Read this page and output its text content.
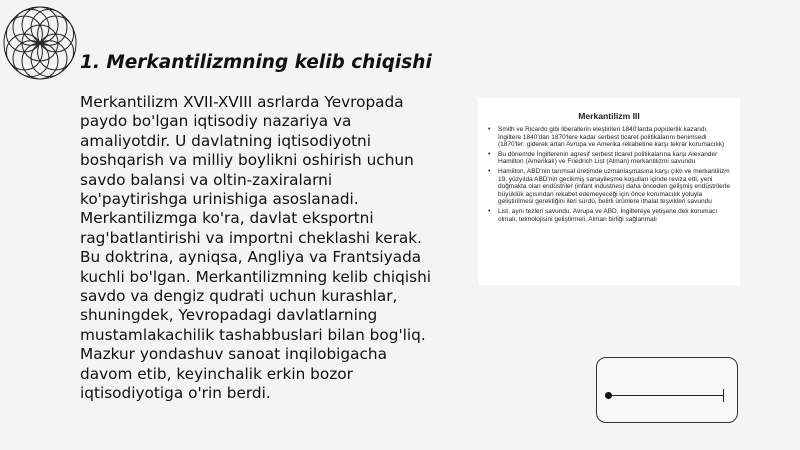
1. Merkantilizmning kelib chiqishi

Merkantilizm XVII-XVIII asrlarda Yevropada paydo bo'lgan iqtisodiy nazariya va amaliyotdir. U davlatning iqtisodiyotni boshqarish va milliy boylikni oshirish uchun savdo balansi va oltin-zaxiralarni ko'paytirishga urinishiga asoslanadi. Merkantilizmga ko'ra, davlat eksportni rag'batlantirishi va importni cheklashi kerak. Bu doktrina, ayniqsa, Angliya va Frantsiyada kuchli bo'lgan. Merkantilizmning kelib chiqishi savdo va dengiz qudrati uchun kurashlar, shuningdek, Yevropadagi davlatlarning mustamlakachilik tashabbuslari bilan bog'liq. Mazkur yondashuv sanoat inqilobigacha davom etib, keyinchalik erkin bozor iqtisodiyotiga o'rin berdi.

Merkantilizm III
• Smith ve Ricardo gibi liberallerin eleştirileri 1840'larda popülerlik kazandı. İngiltere 1840'dan 1870'lere kadar serbest ticaret politikalarını benimsedi (1870'ler: giderek artan Avrupa ve Amerika rekabetine karşı tekrar korumacılık)
• Bu dönemde İngilterenin agresif serbest ticaret politikalarına karşı Alexander Hamilton (Amerikalı) ve Friedrich List (Alman) merkantilizmi savundu
• Hamilton, ABD'nin tarımsal üretimde uzmanlaşmasına karşı çıktı ve merkantilizm 19. yüzyılda ABD'nin gecikmiş sanayileşme koşulları içinde reviza etti, yeni doğmakta olan endüstriler (infant industries) daha önceden gelişmiş endüstrilerle büyüklük açısından rekabet edemeyeceği için önce korumacılık yoluyla geliştirilmesi gerektiğini ileri sürdü, belirli ürünlere ithalat teşvikleri savundu
• List, aynı tezleri savundu. Avrupa ve ABD, İngiltereye yetişene dek korumacı olmalı, teknolojisini geliştirmeli, Alman birliği sağlanmalı
